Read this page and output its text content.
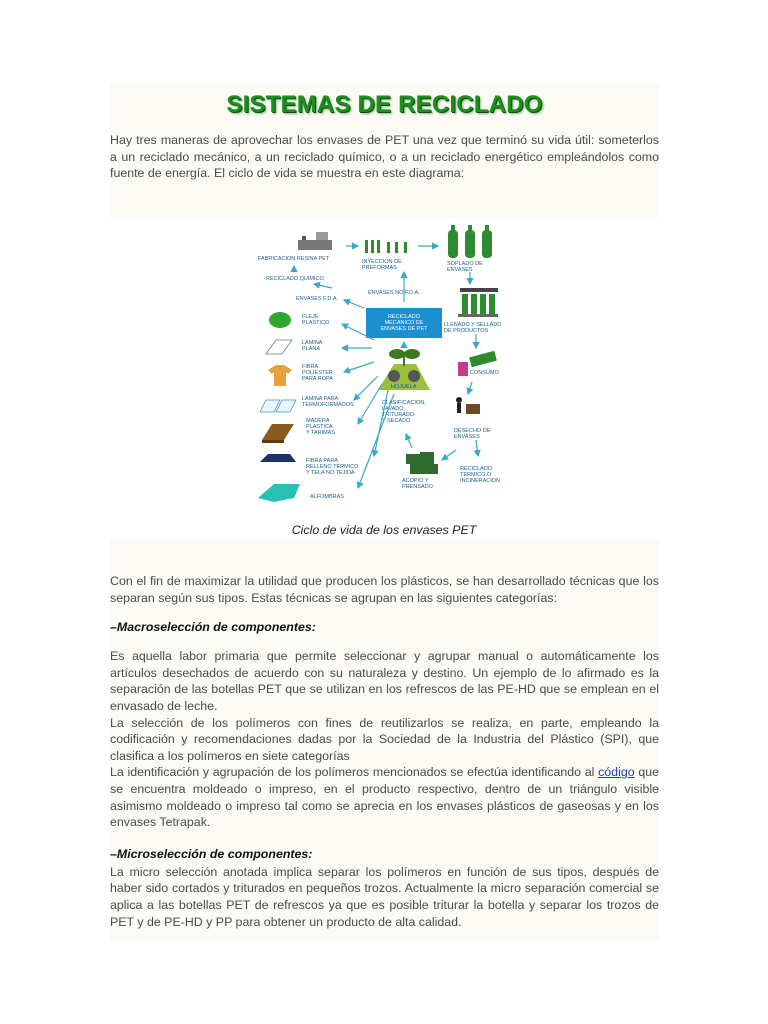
SISTEMAS DE RECICLADO

Hay tres maneras de aprovechar los envases de PET una vez que terminó su vida útil: someterlos a un reciclado mecánico, a un reciclado químico, o a un reciclado energético empleándolos como fuente de energía. El ciclo de vida se muestra en este diagrama:

FABRICACION RESINA PET	INYECCION DE PREFORMAS
SOPLADO DE ENVASES
RECICLADO QUIMICO
ENVASES F.D.A.
ENVASES NO F.D.A.
LLENADO Y SELLADO DE PRODUCTOS
FLEJE PLASTICO
LAMINA PLANA
FIBRA POLIESTER PARA ROPA
LAMINA PARA TERMOFORMADOS
MADERA PLASTICA Y TARIMAS
FIBRA PARA RELLENO TERMICO Y TELA NO TEJIDA
ALFOMBRAS
RECICLADO MECANICO DE ENVASES DE PET
HOJUELA
CLASIFICACION, LAVADO, TRITURADO Y SECADO
CONSUMO
DESECHO DE ENVASES
RECICLADO TERMICO O INCINERACION
ACOPIO Y PRENSADO
Ciclo de vida de los envases PET

Con el fin de maximizar la utilidad que producen los plásticos, se han desarrollado técnicas que los separan según sus tipos. Estas técnicas se agrupan en las siguientes categorías:

–Macroselección de componentes:

Es aquella labor primaria que permite seleccionar y agrupar manual o automáticamente los artículos desechados de acuerdo con su naturaleza y destino. Un ejemplo de lo afirmado es la separación de las botellas PET que se utilizan en los refrescos de las PE-HD que se emplean en el envasado de leche.

La selección de los polímeros con fines de reutilizarlos se realiza, en parte, empleando la codificación y recomendaciones dadas por la Sociedad de la Industria del Plástico (SPI), que clasifica a los polímeros en siete categorías

La identificación y agrupación de los polímeros mencionados se efectúa identificando al código que se encuentra moldeado o impreso, en el producto respectivo, dentro de un triángulo visible asimismo moldeado o impreso tal como se aprecia en los envases plásticos de gaseosas y en los envases Tetrapak.

–Microselección de componentes:

La micro selección anotada implica separar los polímeros en función de sus tipos, después de haber sido cortados y triturados en pequeños trozos. Actualmente la micro separación comercial se aplica a las botellas PET de refrescos ya que es posible triturar la botella y separar los trozos de PET y de PE-HD y PP para obtener un producto de alta calidad.
